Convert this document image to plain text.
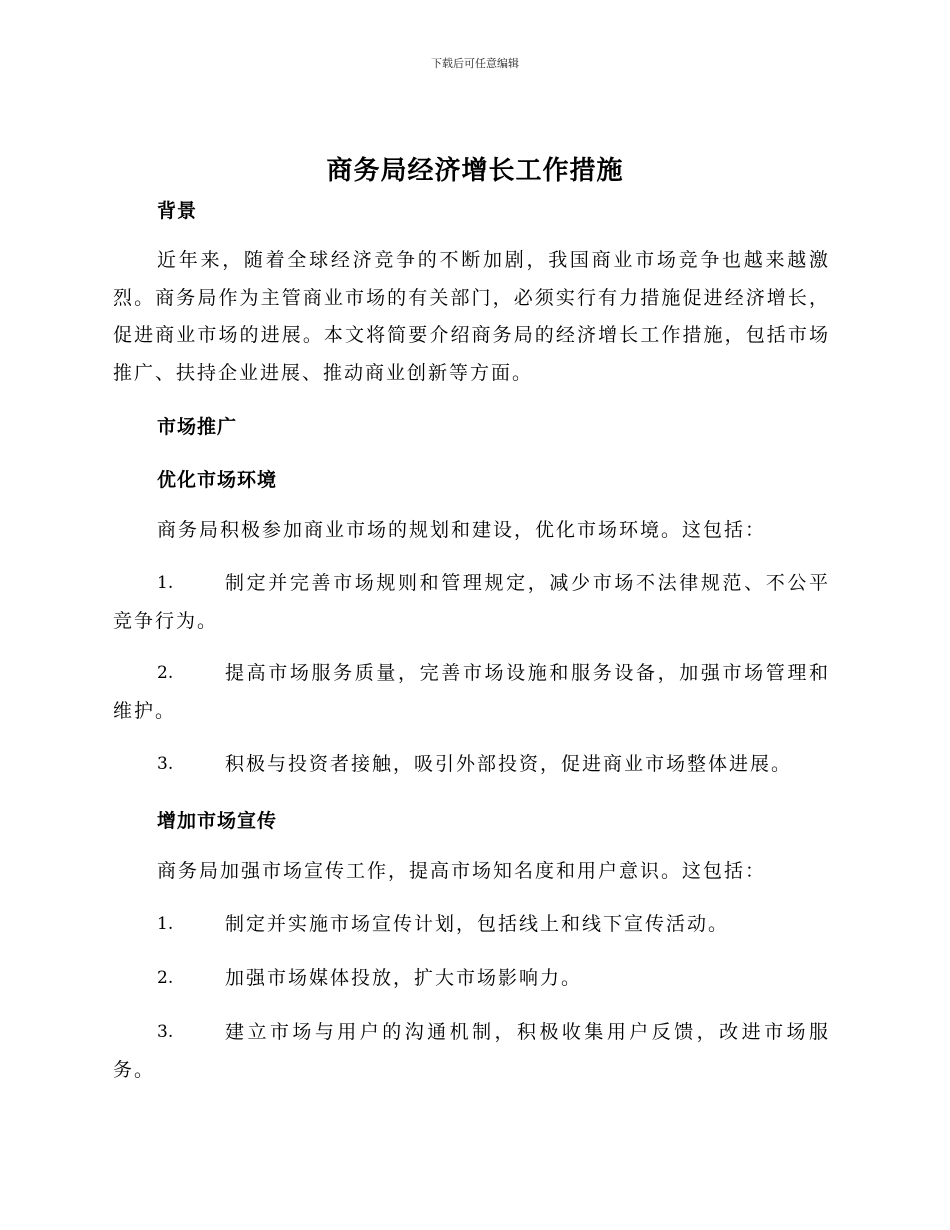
下载后可任意编辑
商务局经济增长工作措施
背景
近年来，随着全球经济竞争的不断加剧，我国商业市场竞争也越来越激烈。商务局作为主管商业市场的有关部门，必须实行有力措施促进经济增长，促进商业市场的进展。本文将简要介绍商务局的经济增长工作措施，包括市场推广、扶持企业进展、推动商业创新等方面。
市场推广
优化市场环境
商务局积极参加商业市场的规划和建设，优化市场环境。这包括：
1.	制定并完善市场规则和管理规定，减少市场不法律规范、不公平竞争行为。
2.	提高市场服务质量，完善市场设施和服务设备，加强市场管理和维护。
3.	积极与投资者接触，吸引外部投资，促进商业市场整体进展。
增加市场宣传
商务局加强市场宣传工作，提高市场知名度和用户意识。这包括：
1.	制定并实施市场宣传计划，包括线上和线下宣传活动。
2.	加强市场媒体投放，扩大市场影响力。
3.	建立市场与用户的沟通机制，积极收集用户反馈，改进市场服务。
